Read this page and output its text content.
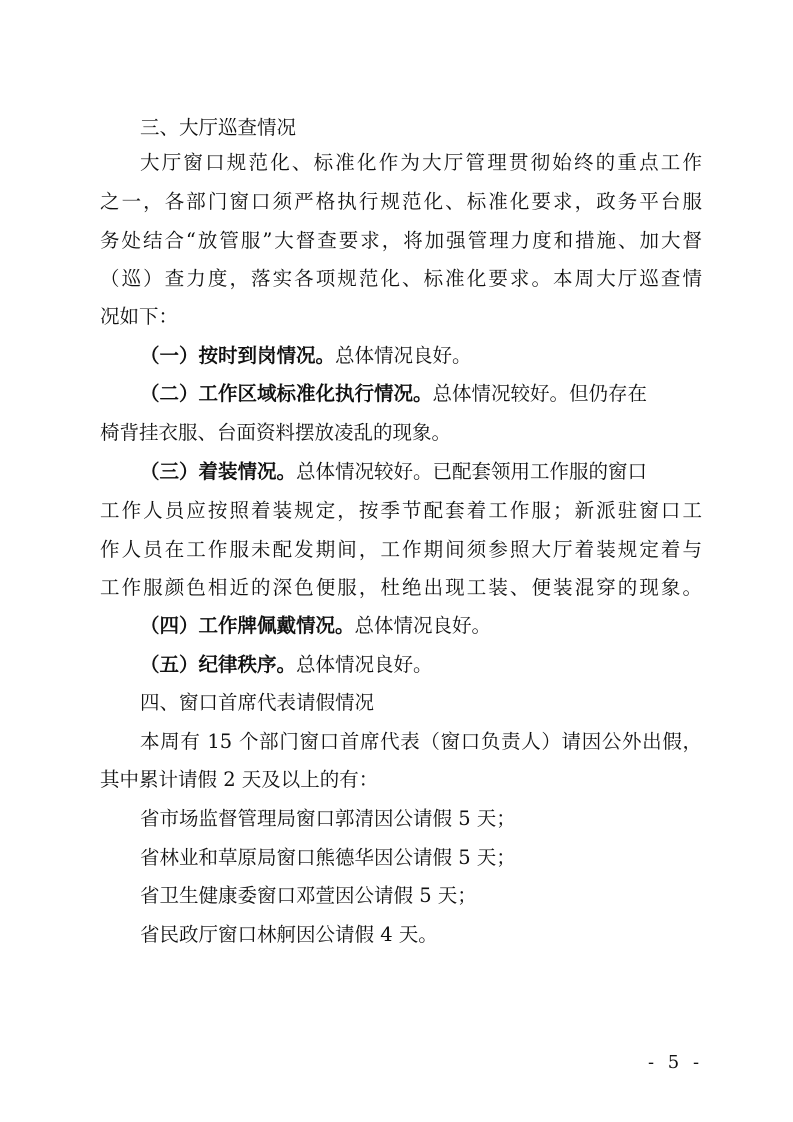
三、大厅巡查情况
大厅窗口规范化、标准化作为大厅管理贯彻始终的重点工作
之一，各部门窗口须严格执行规范化、标准化要求，政务平台服
务处结合“放管服”大督查要求，将加强管理力度和措施、加大督
（巡）查力度，落实各项规范化、标准化要求。本周大厅巡查情
况如下：
（一）按时到岗情况。总体情况良好。
（二）工作区域标准化执行情况。总体情况较好。但仍存在
椅背挂衣服、台面资料摆放凌乱的现象。
（三）着装情况。总体情况较好。已配套领用工作服的窗口
工作人员应按照着装规定，按季节配套着工作服；新派驻窗口工
作人员在工作服未配发期间，工作期间须参照大厅着装规定着与
工作服颜色相近的深色便服，杜绝出现工装、便装混穿的现象。
（四）工作牌佩戴情况。总体情况良好。
（五）纪律秩序。总体情况良好。
四、窗口首席代表请假情况
本周有 15 个部门窗口首席代表（窗口负责人）请因公外出假，
其中累计请假 2 天及以上的有：
省市场监督管理局窗口郭清因公请假 5 天；
省林业和草原局窗口熊德华因公请假 5 天；
省卫生健康委窗口邓萱因公请假 5 天；
省民政厅窗口林舸因公请假 4 天。
- 5 -
